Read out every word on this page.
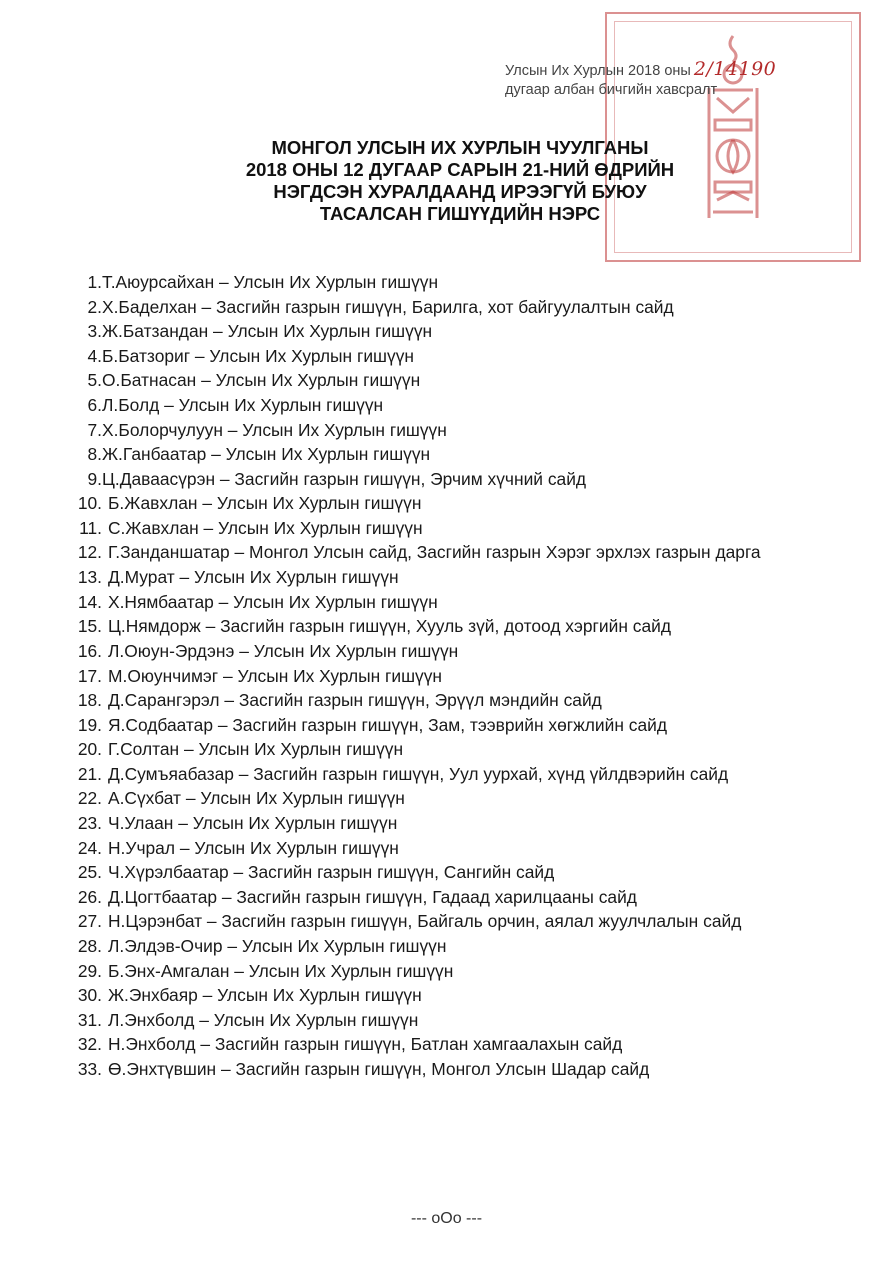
Улсын Их Хурлын 2018 оны 2/14190
дугаар албан бичгийн хавсралт
МОНГОЛ УЛСЫН ИХ ХУРЛЫН ЧУУЛГАНЫ
2018 ОНЫ 12 ДУГААР САРЫН 21-НИЙ ӨДРИЙН
НЭГДСЭН ХУРАЛДААНД ИРЭЭГҮЙ БУЮУ
ТАСАЛСАН ГИШҮҮДИЙН НЭРС
1. Т.Аюурсайхан – Улсын Их Хурлын гишүүн
2. Х.Баделхан – Засгийн газрын гишүүн, Барилга, хот байгуулалтын сайд
3. Ж.Батзандан – Улсын Их Хурлын гишүүн
4. Б.Батзориг – Улсын Их Хурлын гишүүн
5. О.Батнасан – Улсын Их Хурлын гишүүн
6. Л.Болд – Улсын Их Хурлын гишүүн
7. Х.Болорчулуун – Улсын Их Хурлын гишүүн
8. Ж.Ганбаатар – Улсын Их Хурлын гишүүн
9. Ц.Даваасүрэн – Засгийн газрын гишүүн, Эрчим хүчний сайд
10. Б.Жавхлан – Улсын Их Хурлын гишүүн
11. С.Жавхлан – Улсын Их Хурлын гишүүн
12. Г.Занданшатар – Монгол Улсын сайд, Засгийн газрын Хэрэг эрхлэх газрын дарга
13. Д.Мурат – Улсын Их Хурлын гишүүн
14. Х.Нямбаатар – Улсын Их Хурлын гишүүн
15. Ц.Нямдорж – Засгийн газрын гишүүн, Хууль зүй, дотоод хэргийн сайд
16. Л.Оюун-Эрдэнэ – Улсын Их Хурлын гишүүн
17. М.Оюунчимэг – Улсын Их Хурлын гишүүн
18. Д.Сарангэрэл – Засгийн газрын гишүүн, Эрүүл мэндийн сайд
19. Я.Содбаатар – Засгийн газрын гишүүн, Зам, тээврийн хөгжлийн сайд
20. Г.Солтан – Улсын Их Хурлын гишүүн
21. Д.Сумъяабазар – Засгийн газрын гишүүн, Уул уурхай, хүнд үйлдвэрийн сайд
22. А.Сүхбат – Улсын Их Хурлын гишүүн
23. Ч.Улаан – Улсын Их Хурлын гишүүн
24. Н.Учрал – Улсын Их Хурлын гишүүн
25. Ч.Хүрэлбаатар – Засгийн газрын гишүүн, Сангийн сайд
26. Д.Цогтбаатар – Засгийн газрын гишүүн, Гадаад харилцааны сайд
27. Н.Цэрэнбат – Засгийн газрын гишүүн, Байгаль орчин, аялал жуулчлалын сайд
28. Л.Элдэв-Очир – Улсын Их Хурлын гишүүн
29. Б.Энх-Амгалан – Улсын Их Хурлын гишүүн
30. Ж.Энхбаяр – Улсын Их Хурлын гишүүн
31. Л.Энхболд – Улсын Их Хурлын гишүүн
32. Н.Энхболд – Засгийн газрын гишүүн, Батлан хамгаалахын сайд
33. Ө.Энхтүвшин – Засгийн газрын гишүүн, Монгол Улсын Шадар сайд
--- oOo ---
